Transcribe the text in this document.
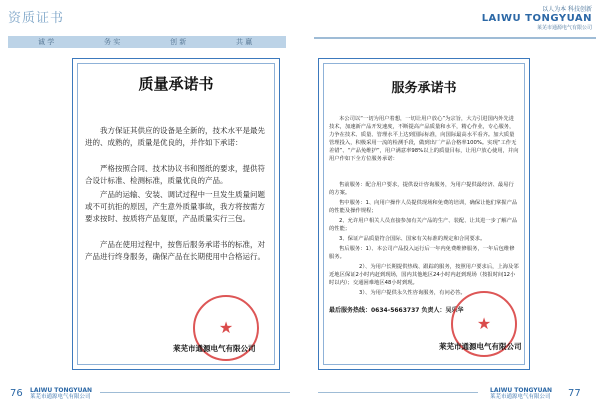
资质证书
诚 学	务 实	创 新	共 赢
以人为本 科技创新
LAIWU TONGYUAN
莱芜市通源电气有限公司
质量承诺书
我方保证其供应的设备是全新的，技术水平是最先进的、成熟的，质量是优良的，并作如下承诺：
严格按照合同、技术协议书和图纸的要求，提供符合设计标准、检测标准，质量优良的产品。
产品的运输、安装、调试过程中一旦发生质量问题或不可抗拒的原因，产生意外质量事故，我方将按需方要求按时、按质将产品复原，产品质量实行三包。
产品在使用过程中，按售后服务承诺书的标准，对产品进行终身服务，确保产品在长期使用中合格运行。
★
莱芜市通源电气有限公司
服务承诺书
本公司以“一切为用户着想，一切让用户放心”为宗旨，大力引进国内外先进技术，加速新产品开发速度，不断提高产品质量和水平，精心作业，专心服务，力争在技术、质量、管理水平上达到国际标准，向国际最高水平看齐。加大质量管理投入，积极采用一流的检测手段，做到出厂产品合格率100%。实现“工作无差错”、“产品免维护”，用户满意率98%以上的质量目标，让用户放心使用，并向用户作如下全方位服务承诺：
售前服务：配合用户要求，提供设计咨询服务，为用户提供最经济、最易行的方案。
售中服务：1、向用户操作人员提供现场和免费的培训，确保让他们掌握产品的性能及操作规程；
2、允许用户相关人员直接参加有关产品的生产、装配、让其进一步了解产品的性能；
3、保证产品质量符合国际、国家有关标准的规定和合同要求。
售后服务：1）、本公司产品投入运行后一年内免费维修服务，一年后包维修服务。
2）、为用户长期提供热线、跟踪的服务，按照用户要求后，上海及邻近地区保证2小时内赶到现场，国内其他地区24小时内赶到现场（按报时间12小时以内）；交通困难地区48小时到现。
3）、为用户提供永久性咨询服务，有问必答。
最后服务热线：0634-5663737 负责人：吴乐华
★
莱芜市通源电气有限公司
76 LAIWU TONGYUAN
莱芜市通源电气有限公司
LAIWU TONGYUAN
莱芜市通源电气有限公司 77
